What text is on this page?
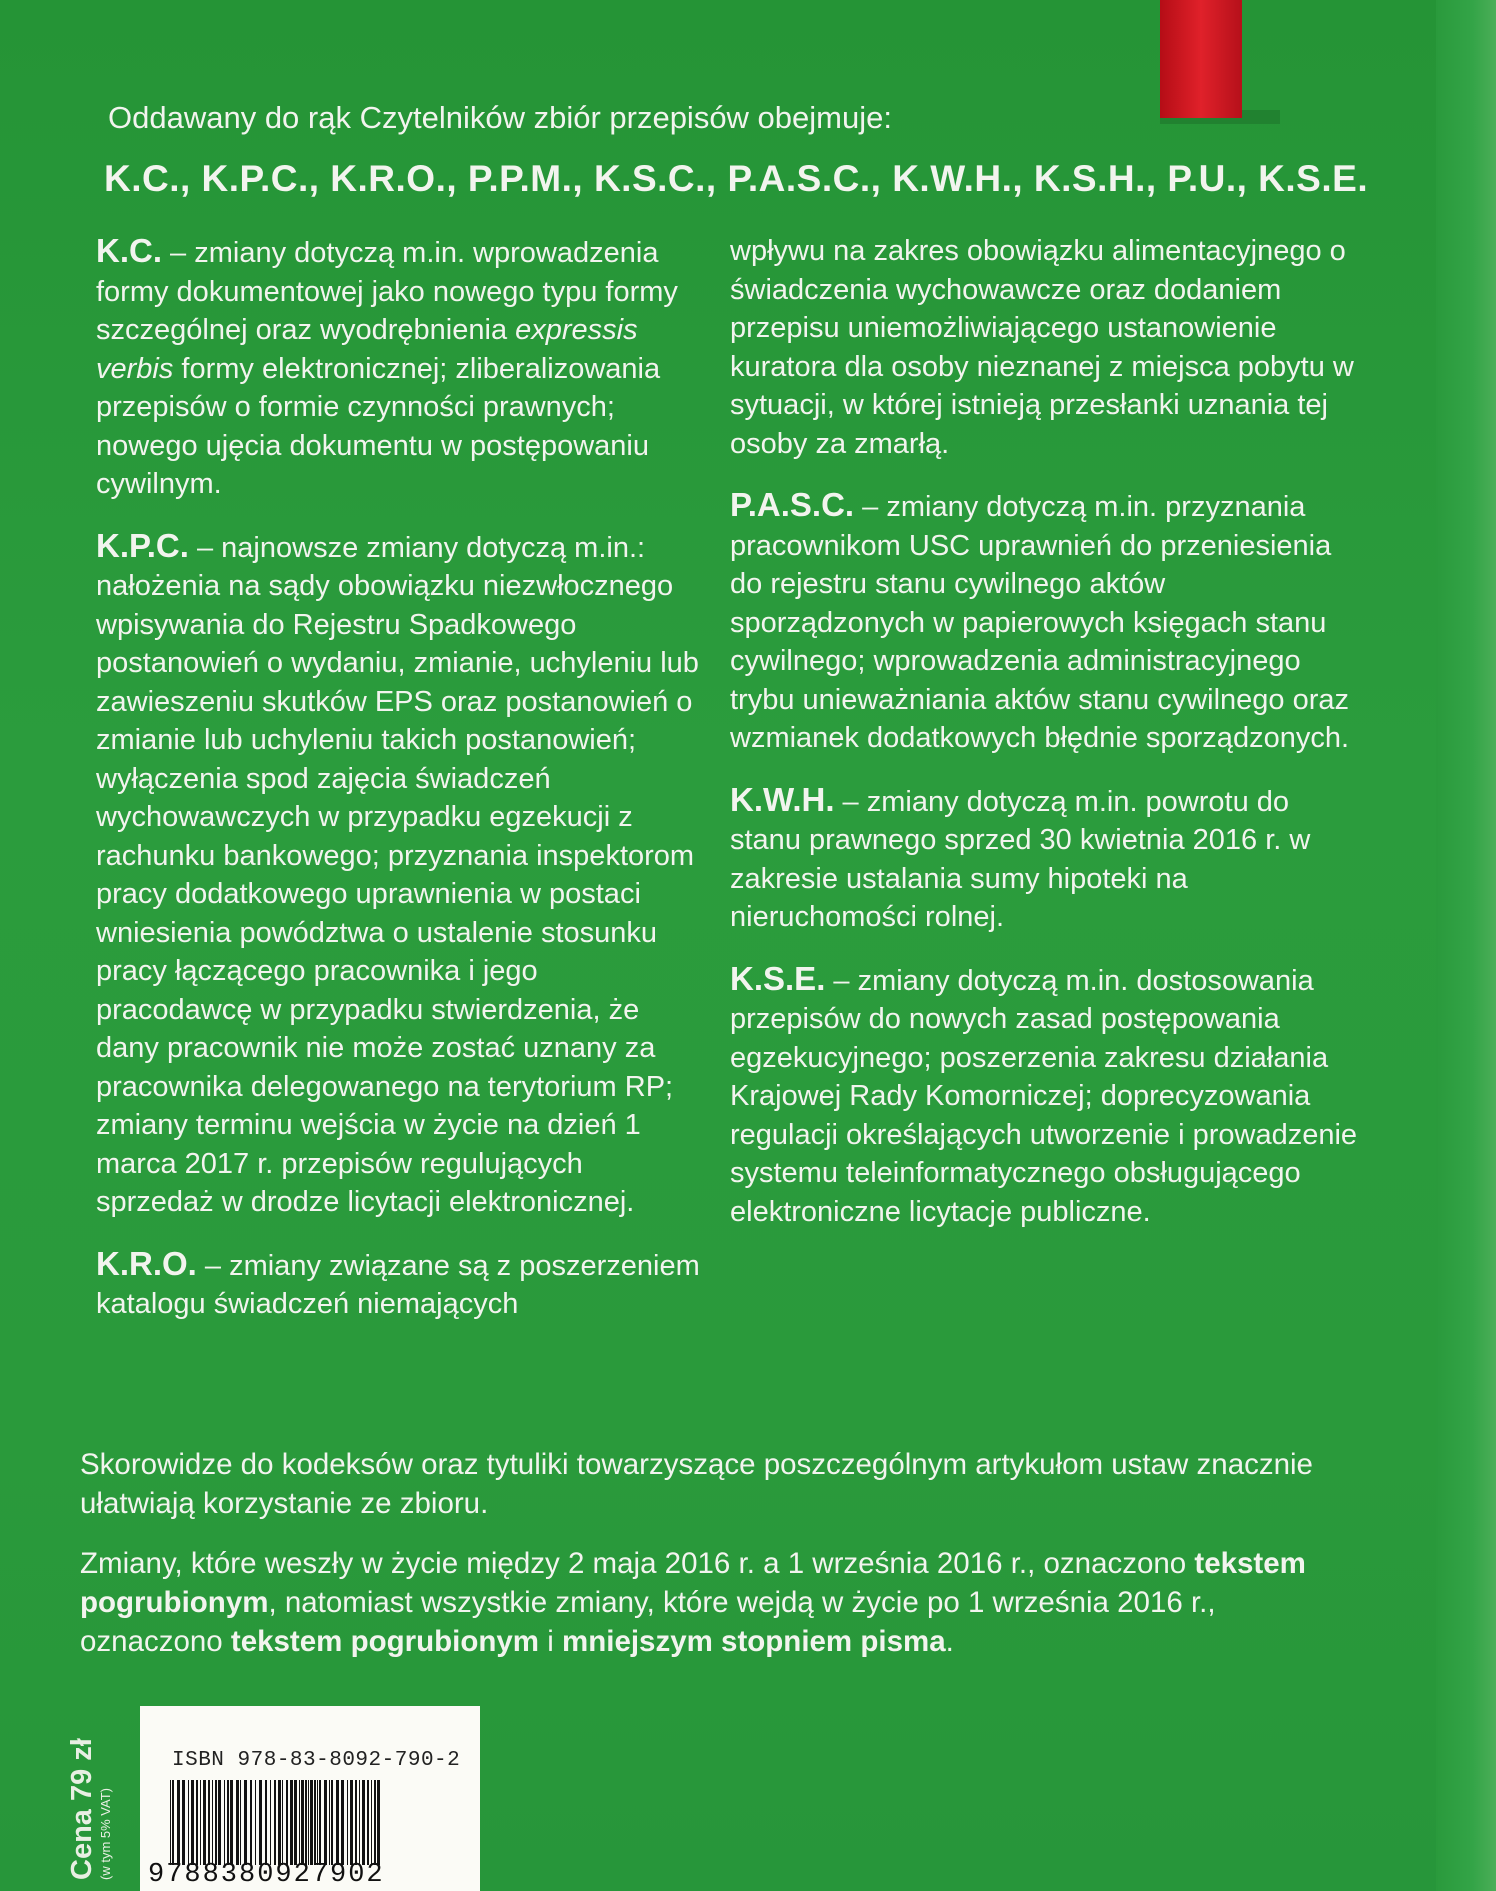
Oddawany do rąk Czytelników zbiór przepisów obejmuje:

K.C., K.P.C., K.R.O., P.P.M., K.S.C., P.A.S.C., K.W.H., K.S.H., P.U., K.S.E.

K.C. – zmiany dotyczą m.in. wprowadzenia formy dokumentowej jako nowego typu formy szczególnej oraz wyodrębnienia expressis verbis formy elektronicznej; zliberalizowania przepisów o formie czynności prawnych; nowego ujęcia dokumentu w postępowaniu cywilnym.

K.P.C. – najnowsze zmiany dotyczą m.in.: nałożenia na sądy obowiązku niezwłocznego wpisywania do Rejestru Spadkowego postanowień o wydaniu, zmianie, uchyleniu lub zawieszeniu skutków EPS oraz postanowień o zmianie lub uchyleniu takich postanowień; wyłączenia spod zajęcia świadczeń wychowawczych w przypadku egzekucji z rachunku bankowego; przyznania inspektorom pracy dodatkowego uprawnienia w postaci wniesienia powództwa o ustalenie stosunku pracy łączącego pracownika i jego pracodawcę w przypadku stwierdzenia, że dany pracownik nie może zostać uznany za pracownika delegowanego na terytorium RP; zmiany terminu wejścia w życie na dzień 1 marca 2017 r. przepisów regulujących sprzedaż w drodze licytacji elektronicznej.

K.R.O. – zmiany związane są z poszerzeniem katalogu świadczeń niemających

wpływu na zakres obowiązku alimentacyjnego o świadczenia wychowawcze oraz dodaniem przepisu uniemożliwiającego ustanowienie kuratora dla osoby nieznanej z miejsca pobytu w sytuacji, w której istnieją przesłanki uznania tej osoby za zmarłą.

P.A.S.C. – zmiany dotyczą m.in. przyznania pracownikom USC uprawnień do przeniesienia do rejestru stanu cywilnego aktów sporządzonych w papierowych księgach stanu cywilnego; wprowadzenia administracyjnego trybu unieważniania aktów stanu cywilnego oraz wzmianek dodatkowych błędnie sporządzonych.

K.W.H. – zmiany dotyczą m.in. powrotu do stanu prawnego sprzed 30 kwietnia 2016 r. w zakresie ustalania sumy hipoteki na nieruchomości rolnej.

K.S.E. – zmiany dotyczą m.in. dostosowania przepisów do nowych zasad postępowania egzekucyjnego; poszerzenia zakresu działania Krajowej Rady Komorniczej; doprecyzowania regulacji określających utworzenie i prowadzenie systemu teleinformatycznego obsługującego elektroniczne licytacje publiczne.

Skorowidze do kodeksów oraz tytuliki towarzyszące poszczególnym artykułom ustaw znacznie ułatwiają korzystanie ze zbioru.

Zmiany, które weszły w życie między 2 maja 2016 r. a 1 września 2016 r., oznaczono tekstem pogrubionym, natomiast wszystkie zmiany, które wejdą w życie po 1 września 2016 r., oznaczono tekstem pogrubionym i mniejszym stopniem pisma.

Cena 79 zł (w tym 5% VAT)
ISBN 978-83-8092-790-2
9788380927902
